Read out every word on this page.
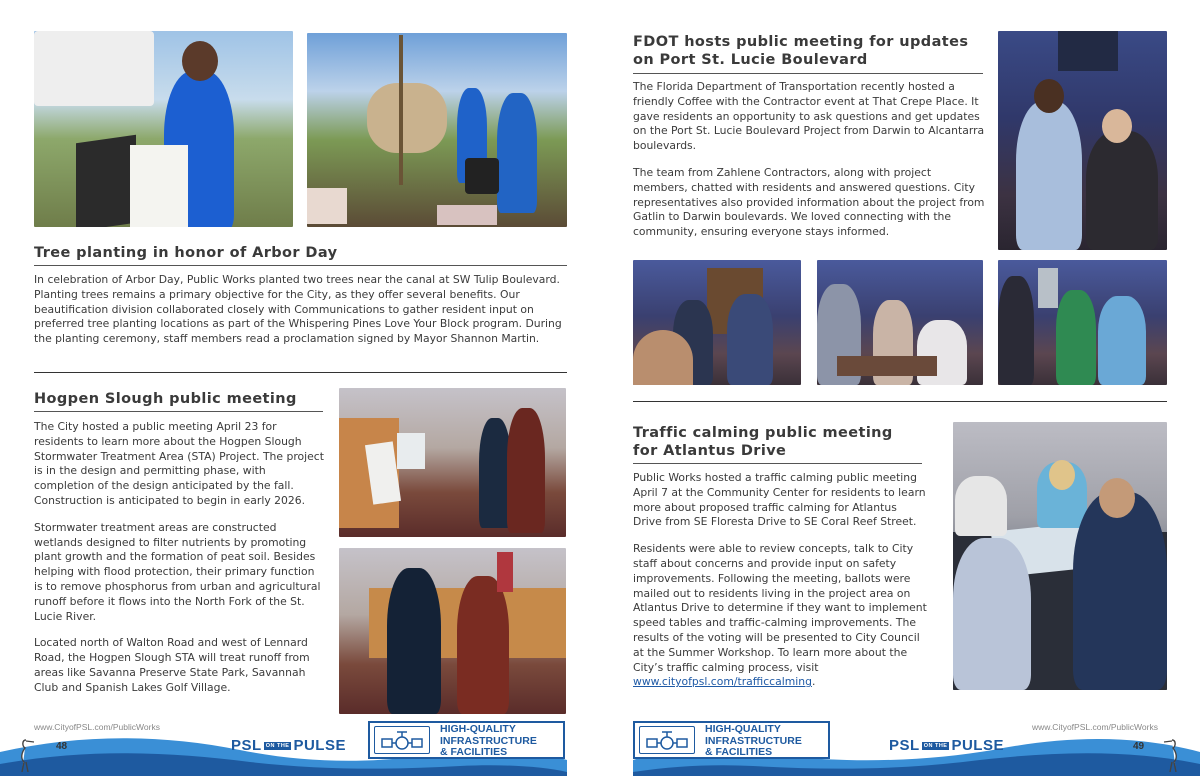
Tree planting in honor of Arbor Day

In celebration of Arbor Day, Public Works planted two trees near the canal at SW Tulip Boulevard. Planting trees remains a primary objective for the City, as they offer several benefits. Our beautification division collaborated closely with Communications to gather resident input on preferred tree planting locations as part of the Whispering Pines Love Your Block program. During the planting ceremony, staff members read a proclamation signed by Mayor Shannon Martin.

Hogpen Slough public meeting

The City hosted a public meeting April 23 for residents to learn more about the Hogpen Slough Stormwater Treatment Area (STA) Project. The project is in the design and permitting phase, with completion of the design anticipated by the fall. Construction is anticipated to begin in early 2026.

Stormwater treatment areas are constructed wetlands designed to filter nutrients by promoting plant growth and the formation of peat soil. Besides helping with flood protection, their primary function is to remove phosphorus from urban and agricultural runoff before it flows into the North Fork of the St. Lucie River.

Located north of Walton Road and west of Lennard Road, the Hogpen Slough STA will treat runoff from areas like Savanna Preserve State Park, Savannah Club and Spanish Lakes Golf Village.

www.CityofPSL.com/PublicWorks
48	PSL ON THE PULSE
HIGH-QUALITY
INFRASTRUCTURE
& FACILITIES
FDOT hosts public meeting for updates on Port St. Lucie Boulevard

The Florida Department of Transportation recently hosted a friendly Coffee with the Contractor event at That Crepe Place. It gave residents an opportunity to ask questions and get updates on the Port St. Lucie Boulevard Project from Darwin to Alcantarra boulevards.

The team from Zahlene Contractors, along with project members, chatted with residents and answered questions. City representatives also provided information about the project from Gatlin to Darwin boulevards. We loved connecting with the community, ensuring everyone stays informed.

Traffic calming public meeting for Atlantus Drive

Public Works hosted a traffic calming public meeting April 7 at the Community Center for residents to learn more about proposed traffic calming for Atlantus Drive from SE Floresta Drive to SE Coral Reef Street.

Residents were able to review concepts, talk to City staff about concerns and provide input on safety improvements. Following the meeting, ballots were mailed out to residents living in the project area on Atlantus Drive to determine if they want to implement speed tables and traffic-calming improvements. The results of the voting will be presented to City Council at the Summer Workshop. To learn more about the City’s traffic calming process, visit www.cityofpsl.com/trafficcalming.

www.CityofPSL.com/PublicWorks
PSL ON THE PULSE	49
HIGH-QUALITY
INFRASTRUCTURE
& FACILITIES
